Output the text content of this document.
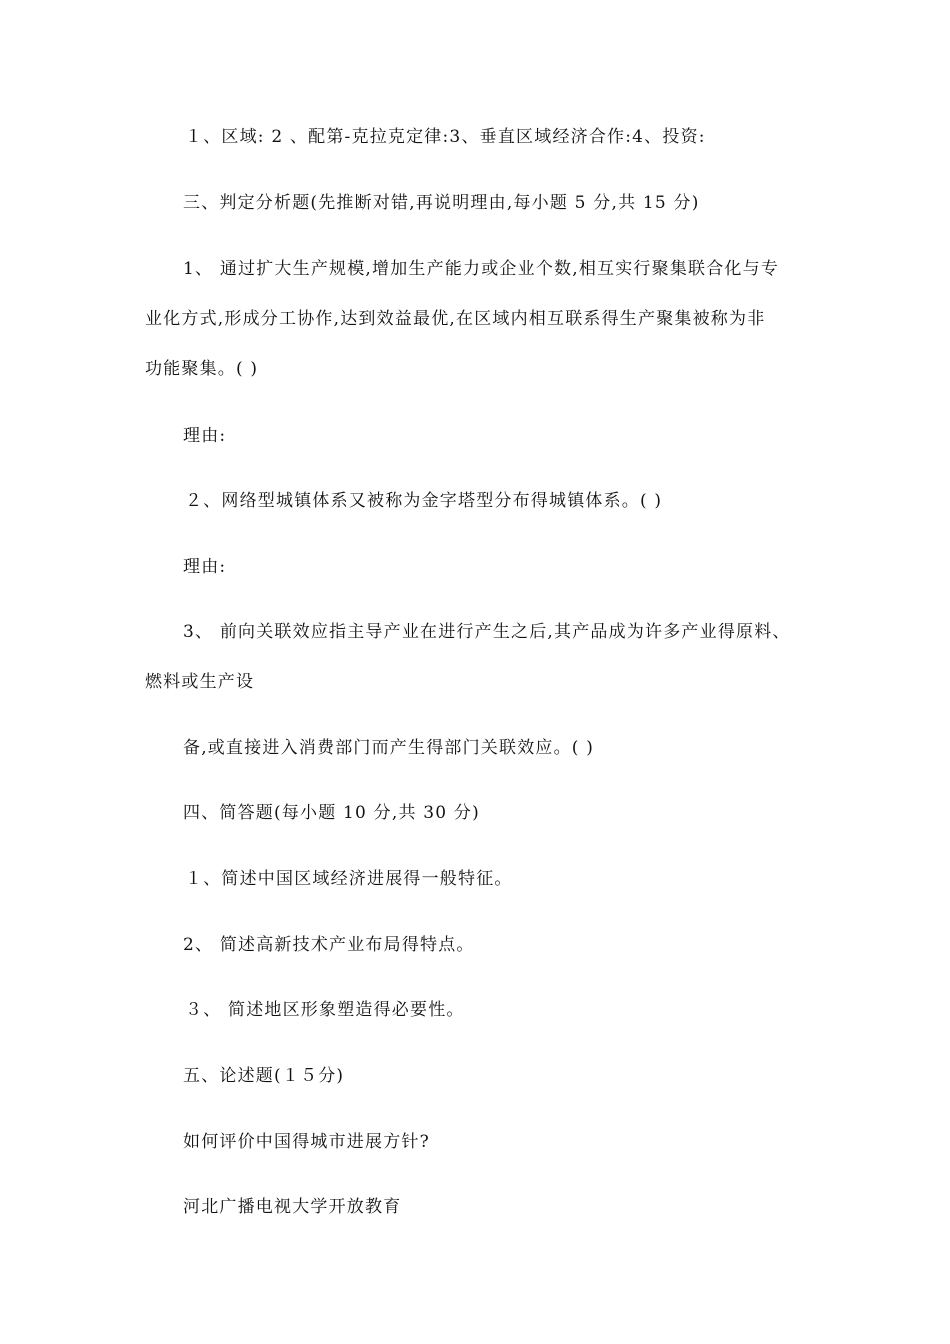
１、区域: 2 、配第-克拉克定律:3、垂直区域经济合作:4、投资:
三、判定分析题(先推断对错,再说明理由,每小题 5 分,共 15 分)
1、 通过扩大生产规模,增加生产能力或企业个数,相互实行聚集联合化与专
业化方式,形成分工协作,达到效益最优,在区域内相互联系得生产聚集被称为非
功能聚集。( )
理由:
２、网络型城镇体系又被称为金字塔型分布得城镇体系。( )
理由:
3、 前向关联效应指主导产业在进行产生之后,其产品成为许多产业得原料、
燃料或生产设
备,或直接进入消费部门而产生得部门关联效应。( )
四、简答题(每小题 10 分,共 30 分)
１、简述中国区域经济进展得一般特征。
2、 简述高新技术产业布局得特点。
３、 简述地区形象塑造得必要性。
五、论述题(１５分)
如何评价中国得城市进展方针?
河北广播电视大学开放教育
